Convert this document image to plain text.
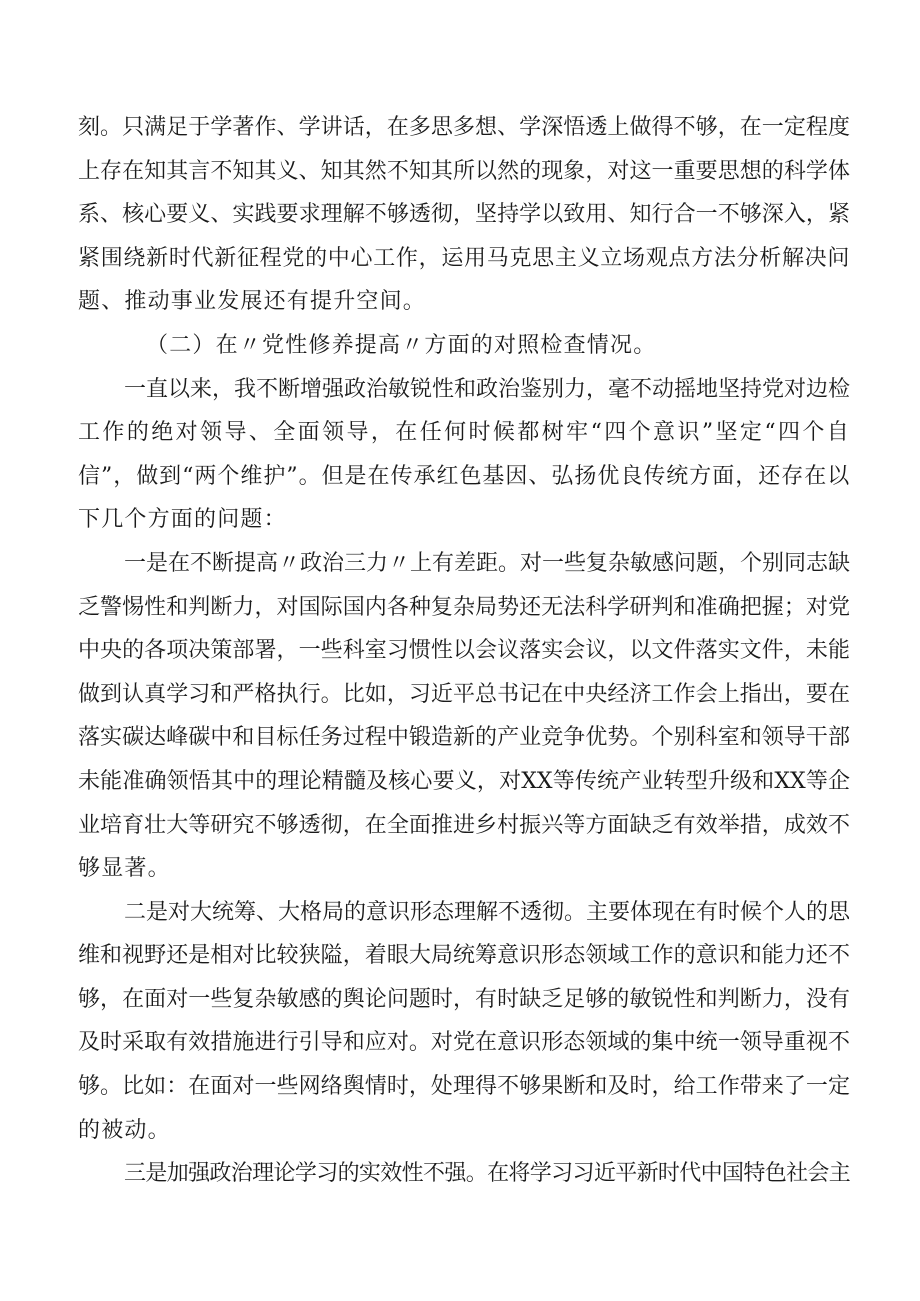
刻。只满足于学著作、学讲话，在多思多想、学深悟透上做得不够，在一定程度
上存在知其言不知其义、知其然不知其所以然的现象，对这一重要思想的科学体
系、核心要义、实践要求理解不够透彻，坚持学以致用、知行合一不够深入，紧
紧围绕新时代新征程党的中心工作，运用马克思主义立场观点方法分析解决问
题、推动事业发展还有提升空间。
（二）在〃党性修养提高〃方面的对照检查情况。
一直以来，我不断增强政治敏锐性和政治鉴别力，毫不动摇地坚持党对边检
工作的绝对领导、全面领导，在任何时候都树牢“四个意识”坚定“四个自
信”，做到“两个维护”。但是在传承红色基因、弘扬优良传统方面，还存在以
下几个方面的问题：
一是在不断提高〃政治三力〃上有差距。对一些复杂敏感问题，个别同志缺
乏警惕性和判断力，对国际国内各种复杂局势还无法科学研判和准确把握；对党
中央的各项决策部署，一些科室习惯性以会议落实会议，以文件落实文件，未能
做到认真学习和严格执行。比如，习近平总书记在中央经济工作会上指出，要在
落实碳达峰碳中和目标任务过程中锻造新的产业竞争优势。个别科室和领导干部
未能准确领悟其中的理论精髓及核心要义，对XX等传统产业转型升级和XX等企
业培育壮大等研究不够透彻，在全面推进乡村振兴等方面缺乏有效举措，成效不
够显著。
二是对大统筹、大格局的意识形态理解不透彻。主要体现在有时候个人的思
维和视野还是相对比较狭隘，着眼大局统筹意识形态领域工作的意识和能力还不
够，在面对一些复杂敏感的舆论问题时，有时缺乏足够的敏锐性和判断力，没有
及时采取有效措施进行引导和应对。对党在意识形态领域的集中统一领导重视不
够。比如：在面对一些网络舆情时，处理得不够果断和及时，给工作带来了一定
的被动。
三是加强政治理论学习的实效性不强。在将学习习近平新时代中国特色社会主
